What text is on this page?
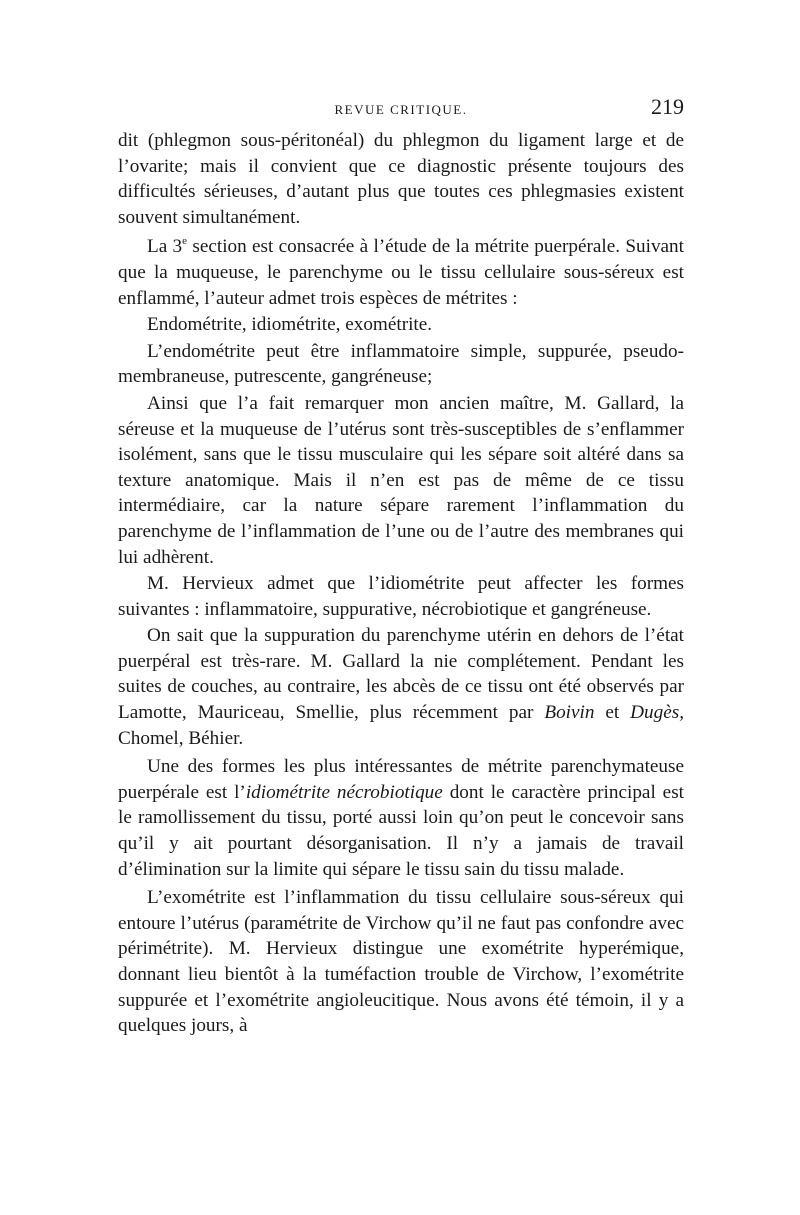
REVUE CRITIQUE.	219

dit (phlegmon sous-péritonéal) du phlegmon du ligament large et de l’ovarite; mais il convient que ce diagnostic présente toujours des difficultés sérieuses, d’autant plus que toutes ces phlegmasies existent souvent simultanément.

La 3e section est consacrée à l’étude de la métrite puerpérale. Suivant que la muqueuse, le parenchyme ou le tissu cellulaire sous-séreux est enflammé, l’auteur admet trois espèces de métrites :

Endométrite, idiométrite, exométrite.

L’endométrite peut être inflammatoire simple, suppurée, pseudo-membraneuse, putrescente, gangréneuse;

Ainsi que l’a fait remarquer mon ancien maître, M. Gallard, la séreuse et la muqueuse de l’utérus sont très-susceptibles de s’enflammer isolément, sans que le tissu musculaire qui les sépare soit altéré dans sa texture anatomique. Mais il n’en est pas de même de ce tissu intermédiaire, car la nature sépare rarement l’inflammation du parenchyme de l’inflammation de l’une ou de l’autre des membranes qui lui adhèrent.

M. Hervieux admet que l’idiométrite peut affecter les formes suivantes : inflammatoire, suppurative, nécrobiotique et gangréneuse.

On sait que la suppuration du parenchyme utérin en dehors de l’état puerpéral est très-rare. M. Gallard la nie complétement. Pendant les suites de couches, au contraire, les abcès de ce tissu ont été observés par Lamotte, Mauriceau, Smellie, plus récemment par Boivin et Dugès, Chomel, Béhier.

Une des formes les plus intéressantes de métrite parenchymateuse puerpérale est l’idiométrite nécrobiotique dont le caractère principal est le ramollissement du tissu, porté aussi loin qu’on peut le concevoir sans qu’il y ait pourtant désorganisation. Il n’y a jamais de travail d’élimination sur la limite qui sépare le tissu sain du tissu malade.

L’exométrite est l’inflammation du tissu cellulaire sous-séreux qui entoure l’utérus (paramétrite de Virchow qu’il ne faut pas confondre avec périmétrite). M. Hervieux distingue une exométrite hyperémique, donnant lieu bientôt à la tuméfaction trouble de Virchow, l’exométrite suppurée et l’exométrite angioleucitique. Nous avons été témoin, il y a quelques jours, à
